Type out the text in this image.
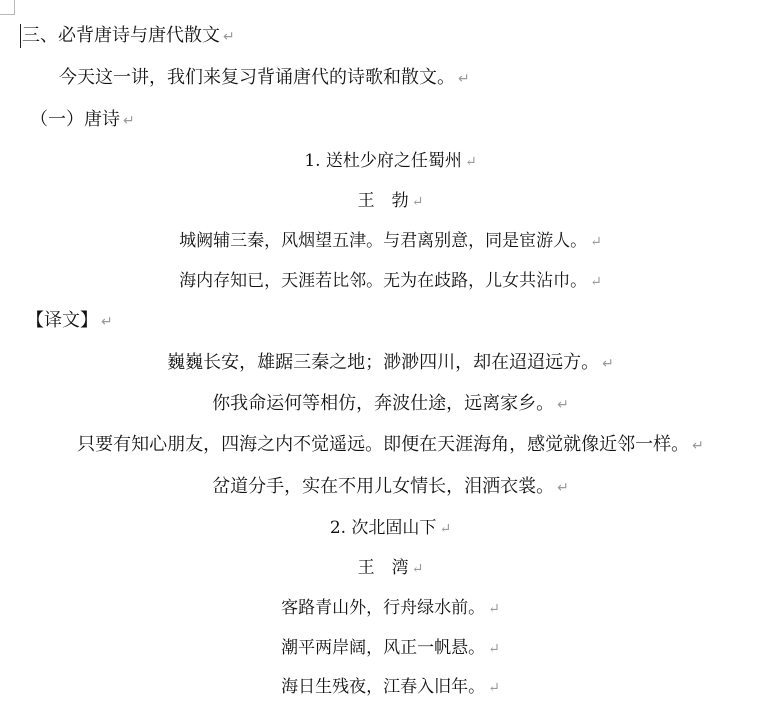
三、必背唐诗与唐代散文 ↵
今天这一讲，我们来复习背诵唐代的诗歌和散文。 ↵
（一）唐诗 ↵
1. 送杜少府之任蜀州 ↵
王　勃 ↵
城阙辅三秦，风烟望五津。与君离别意，同是宦游人。 ↵
海内存知已，天涯若比邻。无为在歧路，儿女共沾巾。 ↵
【译文】 ↵
巍巍长安，雄踞三秦之地；渺渺四川，却在迢迢远方。 ↵
你我命运何等相仿，奔波仕途，远离家乡。 ↵
只要有知心朋友，四海之内不觉遥远。即便在天涯海角，感觉就像近邻一样。 ↵
岔道分手，实在不用儿女情长，泪洒衣裳。 ↵
2. 次北固山下 ↵
王　湾 ↵
客路青山外，行舟绿水前。 ↵
潮平两岸阔，风正一帆悬。 ↵
海日生残夜，江春入旧年。 ↵
